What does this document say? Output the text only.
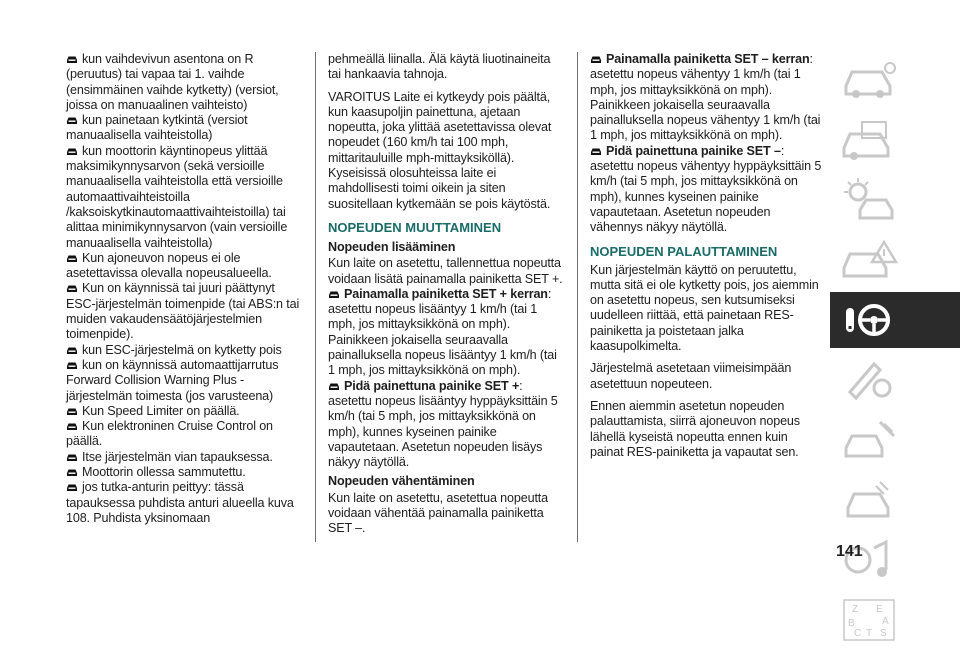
kun vaihdevivun asentona on R (peruutus) tai vapaa tai 1. vaihde (ensimmäinen vaihde kytketty) (versiot, joissa on manuaalinen vaihteisto)

kun painetaan kytkintä (versiot manuaalisella vaihteistolla)

kun moottorin käyntinopeus ylittää maksimikynnysarvon (sekä versioille manuaalisella vaihteistolla että versioille automaattivaihteistoilla /kaksoiskytkinautomaattivaihteistoilla) tai alittaa minimikynnysarvon (vain versioille manuaalisella vaihteistolla)

Kun ajoneuvon nopeus ei ole asetettavissa olevalla nopeusalueella.

Kun on käynnissä tai juuri päättynyt ESC-järjestelmän toimenpide (tai ABS:n tai muiden vakaudensäätöjärjestelmien toimenpide).

kun ESC-järjestelmä on kytketty pois

kun on käynnissä automaattijarrutus Forward Collision Warning Plus -järjestelmän toimesta (jos varusteena)

Kun Speed Limiter on päällä.

Kun elektroninen Cruise Control on päällä.

Itse järjestelmän vian tapauksessa.

Moottorin ollessa sammutettu.

jos tutka-anturin peittyy: tässä tapauksessa puhdista anturi alueella kuva 108. Puhdista yksinomaan

pehmeällä liinalla. Älä käytä liuotinaineita tai hankaavia tahnoja.

VAROITUS Laite ei kytkeydy pois päältä, kun kaasupoljin painettuna, ajetaan nopeutta, joka ylittää asetettavissa olevat nopeudet (160 km/h tai 100 mph, mittaritauluille mph-mittayksiköllä). Kyseisissä olosuhteissa laite ei mahdollisesti toimi oikein ja siten suositellaan kytkemään se pois käytöstä.

NOPEUDEN MUUTTAMINEN
Nopeuden lisääminen

Kun laite on asetettu, tallennettua nopeutta voidaan lisätä painamalla painiketta SET +.

Painamalla painiketta SET + kerran: asetettu nopeus lisääntyy 1 km/h (tai 1 mph, jos mittayksikkönä on mph). Painikkeen jokaisella seuraavalla painalluksella nopeus lisääntyy 1 km/h (tai 1 mph, jos mittayksikkönä on mph).

Pidä painettuna painike SET +: asetettu nopeus lisääntyy hyppäyksittäin 5 km/h (tai 5 mph, jos mittayksikkönä on mph), kunnes kyseinen painike vapautetaan. Asetetun nopeuden lisäys näkyy näytöllä.

Nopeuden vähentäminen

Kun laite on asetettu, asetettua nopeutta voidaan vähentää painamalla painiketta SET –.

Painamalla painiketta SET – kerran: asetettu nopeus vähentyy 1 km/h (tai 1 mph, jos mittayksikkönä on mph). Painikkeen jokaisella seuraavalla painalluksella nopeus vähentyy 1 km/h (tai 1 mph, jos mittayksikkönä on mph).

Pidä painettuna painike SET –: asetettu nopeus vähentyy hyppäyksittäin 5 km/h (tai 5 mph, jos mittayksikkönä on mph), kunnes kyseinen painike vapautetaan. Asetetun nopeuden vähennys näkyy näytöllä.

NOPEUDEN PALAUTTAMINEN

Kun järjestelmän käyttö on peruutettu, mutta sitä ei ole kytketty pois, jos aiemmin on asetettu nopeus, sen kutsumiseksi uudelleen riittää, että painetaan RES-painiketta ja poistetaan jalka kaasupolkimelta.

Järjestelmä asetetaan viimeisimpään asetettuun nopeuteen.

Ennen aiemmin asetetun nopeuden palauttamista, siirrä ajoneuvon nopeus lähellä kyseistä nopeutta ennen kuin painat RES-painiketta ja vapautat sen.

Z E
B	A
C T S
141
